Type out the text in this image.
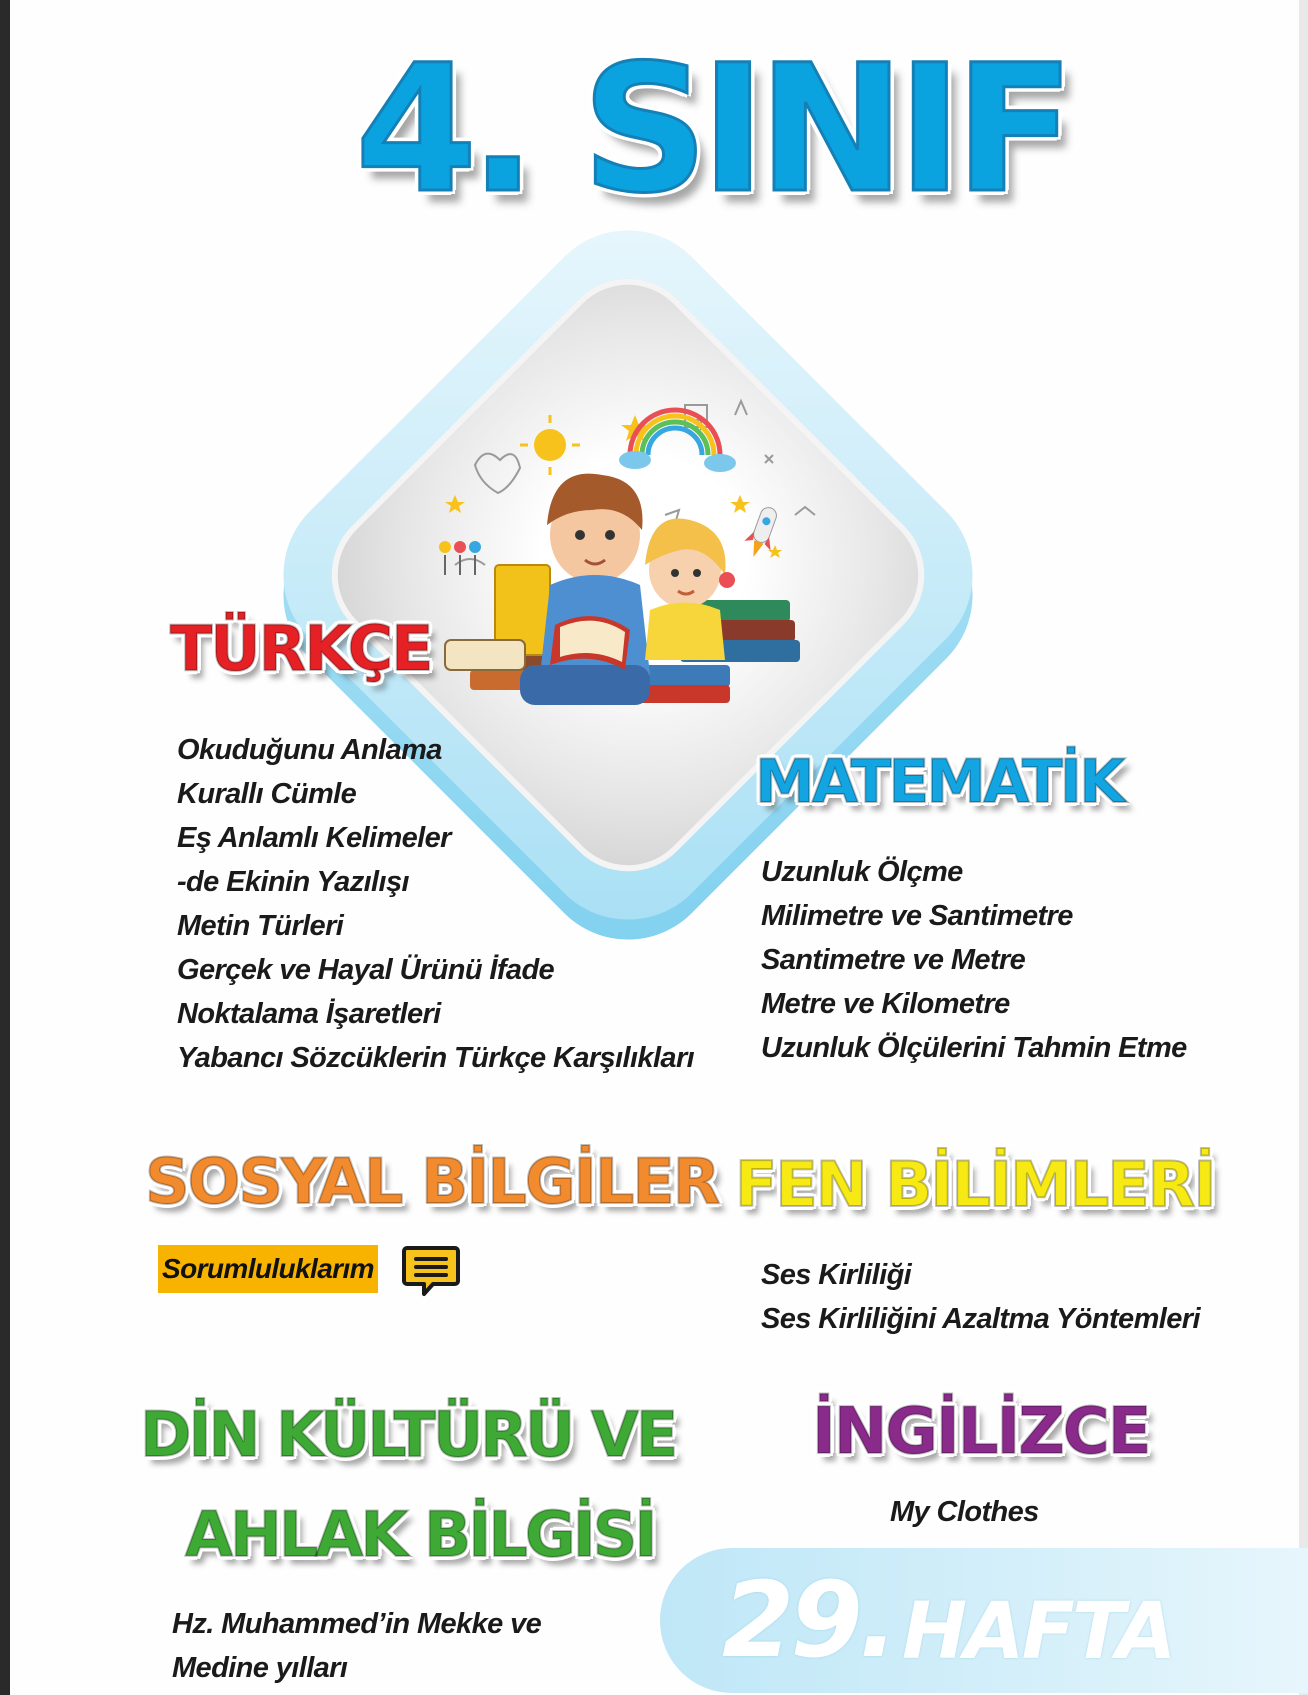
4. SINIF
TÜRKÇE
Okuduğunu Anlama
Kurallı Cümle
Eş Anlamlı Kelimeler
-de Ekinin Yazılışı
Metin Türleri
Gerçek ve Hayal Ürünü İfade
Noktalama İşaretleri
Yabancı Sözcüklerin Türkçe Karşılıkları
MATEMATİK
Uzunluk Ölçme
Milimetre ve Santimetre
Santimetre ve Metre
Metre ve Kilometre
Uzunluk Ölçülerini Tahmin Etme
SOSYAL BİLGİLER
Sorumluluklarım
FEN BİLİMLERİ
Ses Kirliliği
Ses Kirliliğini Azaltma Yöntemleri
DİN KÜLTÜRÜ VE
AHLAK BİLGİSİ
Hz. Muhammed’in Mekke ve
Medine yılları
İNGİLİZCE
My Clothes

29. HAFTA
